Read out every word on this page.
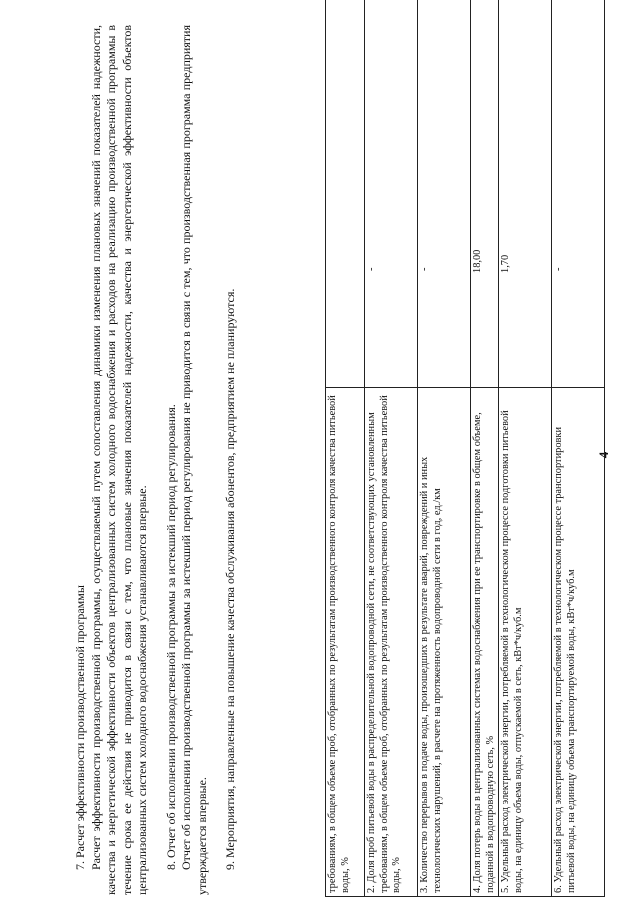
4
требованиям, в общем объеме проб, отобранных по результатам производственного контроля качества питьевой воды, %	
2. Доля проб питьевой воды в распределительной водопроводной сети, не соответствующих установленным требованиям, в общем объеме проб, отобранных по результатам производственного контроля качества питьевой воды, %	-
3. Количество перерывов в подаче воды, произошедших в результате аварий, повреждений и иных технологических нарушений, в расчете на протяженность водопроводной сети в год, ед./км	-
4. Доля потерь воды в централизованных системах водоснабжения при ее транспортировке в общем объеме, поданной в водопроводную сеть, %	18,00
5. Удельный расход электрической энергии, потребляемой в технологическом процессе подготовки питьевой воды, на единицу объема воды, отпускаемой в сеть, кВт*ч/куб.м	1,70
6. Удельный расход электрической энергии, потребляемой в технологическом процессе транспортировки питьевой воды, на единицу объема транспортируемой воды, кВт*ч/куб.м	-

7. Расчет эффективности производственной программы Расчет эффективности производственной программы, осуществляемый путем сопоставления динамики изменения плановых значений показателей надежности, качества и энергетической эффективности объектов централизованных систем холодного водоснабжения и расходов на реализацию производственной программы в течение срока ее действия не приводится в связи с тем, что плановые значения показателей надежности, качества и энергетической эффективности объектов централизованных систем холодного водоснабжения устанавливаются впервые. 8. Отчет об исполнении производственной программы за истекший период регулирования. Отчет об исполнении производственной программы за истекший период регулирования не приводится в связи с тем, что производственная программа предприятия утверждается впервые. 9. Мероприятия, направленные на повышение качества обслуживания абонентов, предприятием не планируются.
